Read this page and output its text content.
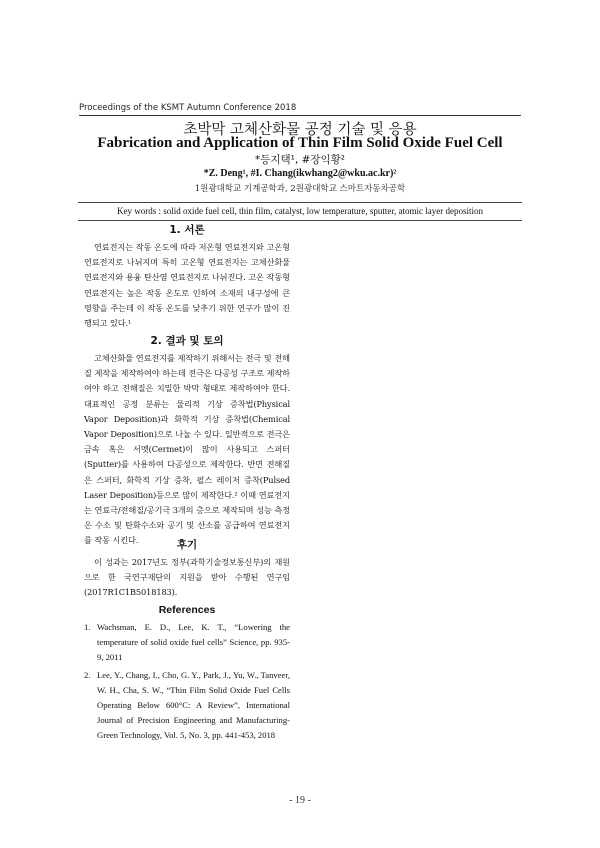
Proceedings of the KSMT Autumn Conference 2018
초박막 고체산화물 공정 기술 및 응용
Fabrication and Application of Thin Film Solid Oxide Fuel Cell
*등지택¹, #장익황²
*Z. Deng¹, #I. Chang(ikwhang2@wku.ac.kr)²
1원광대학교 기계공학과, 2원광대학교 스마트자동차공학
Key words : solid oxide fuel cell, thin film, catalyst, low temperature, sputter, atomic layer deposition

1. 서론

연료전지는 작동 온도에 따라 저온형 연료전지와 고온형 연료전지로 나뉘지며 특히 고온형 연료전지는 고체산화물 연료전지와 용융 탄산염 연료전지로 나뉘진다. 고온 작동형 연료전지는 높은 작동 온도로 인하여 소재의 내구성에 큰 영향을 주는데 이 작동 온도를 낮추기 위한 연구가 많이 진행되고 있다.¹

2. 결과 및 토의

고체산화물 연료전지를 제작하기 위해서는 전극 및 전해질 제작을 제작하여야 하는데 전극은 다공성 구조로 제작하여야 하고 전해질은 치밀한 박막 형태로 제작하여야 한다. 대표적인 공정 분류는 물리적 기상 증착법(Physical Vapor Deposition)과 화학적 기상 증착법(Chemical Vapor Deposition)으로 나눌 수 있다. 일반적으로 전극은 금속 혹은 서멧(Cermet)이 많이 사용되고 스퍼터(Sputter)를 사용하여 다공성으로 제작한다. 반면 전해질은 스퍼터, 화학적 기상 증착, 펄스 레이저 증착(Pulsed Laser Deposition)등으로 많이 제작한다.² 이때 연료전지는 연료극/전해질/공기극 3개의 층으로 제작되며 성능 측정은 수소 및 탄화수소와 공기 및 산소를 공급하여 연료전지를 작동 시킨다.	후기

이 성과는 2017년도 정부(과학기술정보통신부)의 재원으로 한 국연구재단의 지원을 받아 수행된 연구임(2017R1C1B5018183).

References

1. Wachsman, E. D., Lee, K. T., “Lowering the temperature of solid oxide fuel cells” Science, pp. 935-9, 2011
2. Lee, Y., Chang, I., Cho, G. Y., Park, J., Yu, W., Tanveer, W. H., Cha, S. W., “Thin Film Solid Oxide Fuel Cells Operating Below 600°C: A Review”, International Journal of Precision Engineering and Manufacturing-Green Technology, Vol. 5, No. 3, pp. 441-453, 2018
- 19 -
